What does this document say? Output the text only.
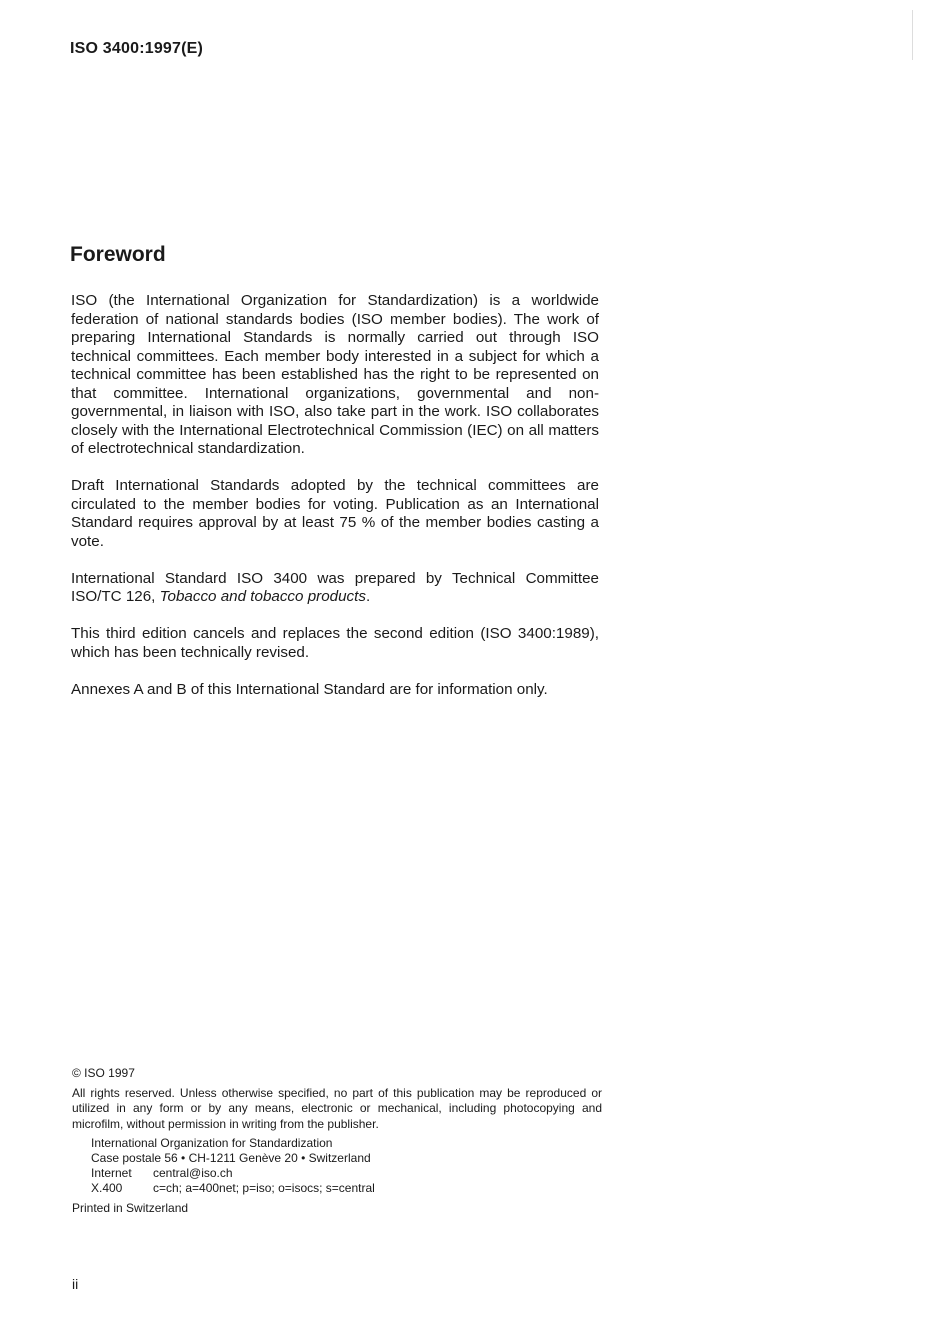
ISO 3400:1997(E)
Foreword

ISO (the International Organization for Standardization) is a worldwide federation of national standards bodies (ISO member bodies). The work of preparing International Standards is normally carried out through ISO technical committees. Each member body interested in a subject for which a technical committee has been established has the right to be represented on that committee. International organizations, governmental and non-governmental, in liaison with ISO, also take part in the work. ISO collaborates closely with the International Electrotechnical Commission (IEC) on all matters of electrotechnical standardization.

Draft International Standards adopted by the technical committees are circulated to the member bodies for voting. Publication as an International Standard requires approval by at least 75 % of the member bodies casting a vote.

International Standard ISO 3400 was prepared by Technical Committee ISO/TC 126, Tobacco and tobacco products.

This third edition cancels and replaces the second edition (ISO 3400:1989), which has been technically revised.

Annexes A and B of this International Standard are for information only.

© ISO 1997
All rights reserved. Unless otherwise specified, no part of this publication may be reproduced or utilized in any form or by any means, electronic or mechanical, including photocopying and microfilm, without permission in writing from the publisher.
International Organization for Standardization
Case postale 56 • CH-1211 Genève 20 • Switzerland
Internet	central@iso.ch
X.400	c=ch; a=400net; p=iso; o=isocs; s=central
Printed in Switzerland
ii
